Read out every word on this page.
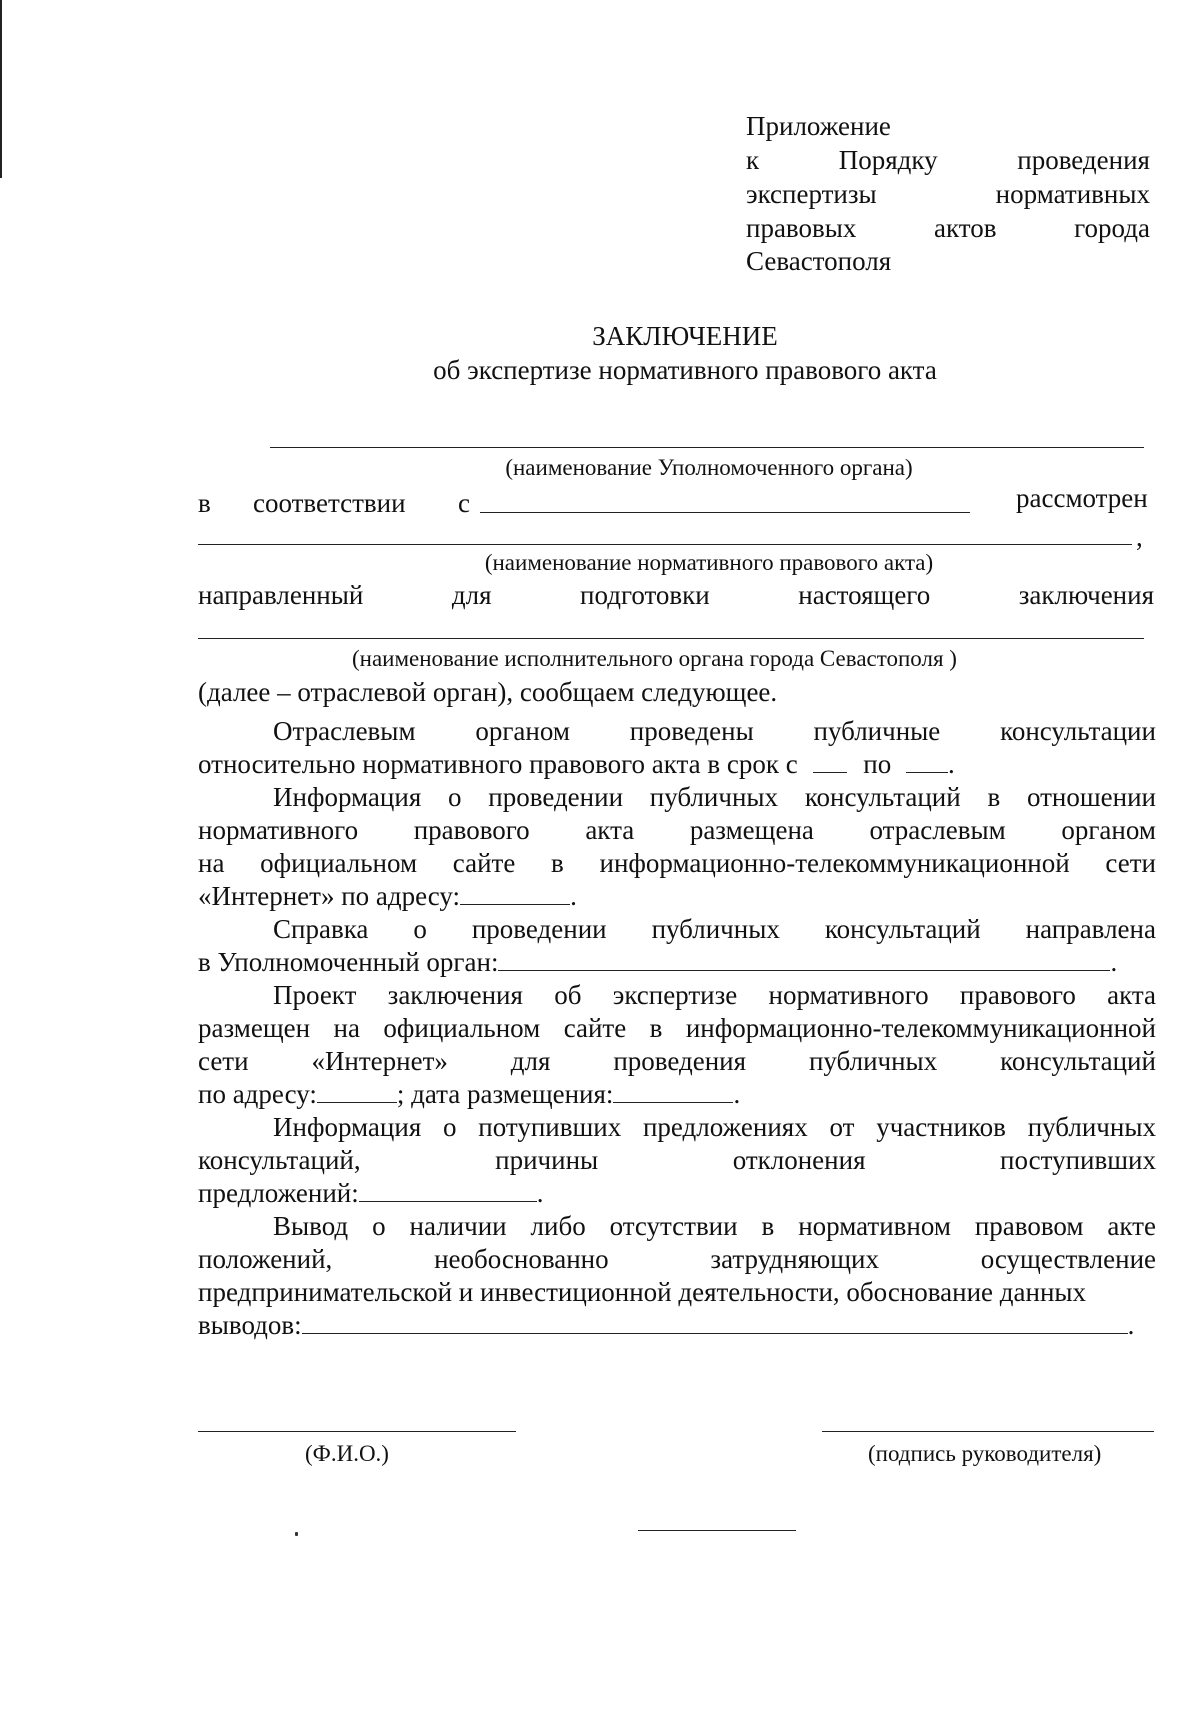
Приложение
к	Порядку	проведения
экспертизы	нормативных
правовых	актов	города
Севастополя
ЗАКЛЮЧЕНИЕ
об экспертизе нормативного правового акта
(наименование Уполномоченного органа)
в соответствии с	рассмотрен
,
(наименование нормативного правового акта)
направленный	для	подготовки	настоящего	заключения
(наименование исполнительного органа города Севастополя )
(далее – отраслевой орган), сообщаем следующее.
Отраслевым органом проведены публичные консультации
относительно нормативного правового акта в срок с по .
Информация о проведении публичных консультаций в отношении
нормативного правового акта размещена отраслевым органом
на официальном сайте в информационно-телекоммуникационной сети
«Интернет» по адресу:	.
Справка о проведении публичных консультаций направлена
в Уполномоченный орган:	.
Проект заключения об экспертизе нормативного правового акта
размещен на официальном сайте в информационно-телекоммуникационной
сети «Интернет» для проведения публичных консультаций
по адресу:	; дата размещения:	.
Информация о потупивших предложениях от участников публичных
консультаций,	причины	отклонения	поступивших
предложений:	.
Вывод о наличии либо отсутствии в нормативном правовом акте
положений,	необоснованно	затрудняющих	осуществление
предпринимательской и инвестиционной деятельности, обоснование данных
выводов:	.
(Ф.И.О.)	(подпись руководителя)
